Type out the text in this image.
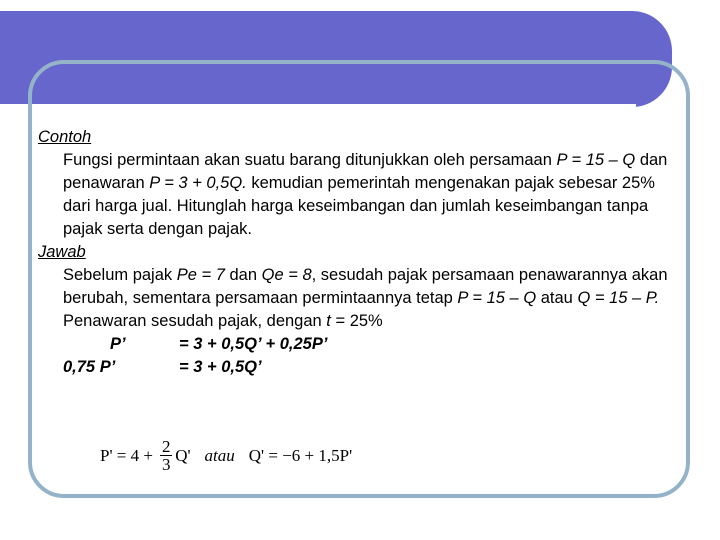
Contoh
Fungsi permintaan akan suatu barang ditunjukkan oleh persamaan P = 15 – Q dan penawaran P = 3 + 0,5Q. kemudian pemerintah mengenakan pajak sebesar 25% dari harga jual. Hitunglah harga keseimbangan dan jumlah keseimbangan tanpa pajak serta dengan pajak.
Jawab
Sebelum pajak Pe = 7 dan Qe = 8, sesudah pajak persamaan penawarannya akan berubah, sementara persamaan permintaannya tetap P = 15 – Q atau Q = 15 – P.
Penawaran sesudah pajak, dengan t = 25%
P’	= 3 + 0,5Q’ + 0,25P’
0,75 P’	= 3 + 0,5Q’
$P' = 4 + \frac{2}{3} Q'$ atau Q' = −6 + 1,5P'
